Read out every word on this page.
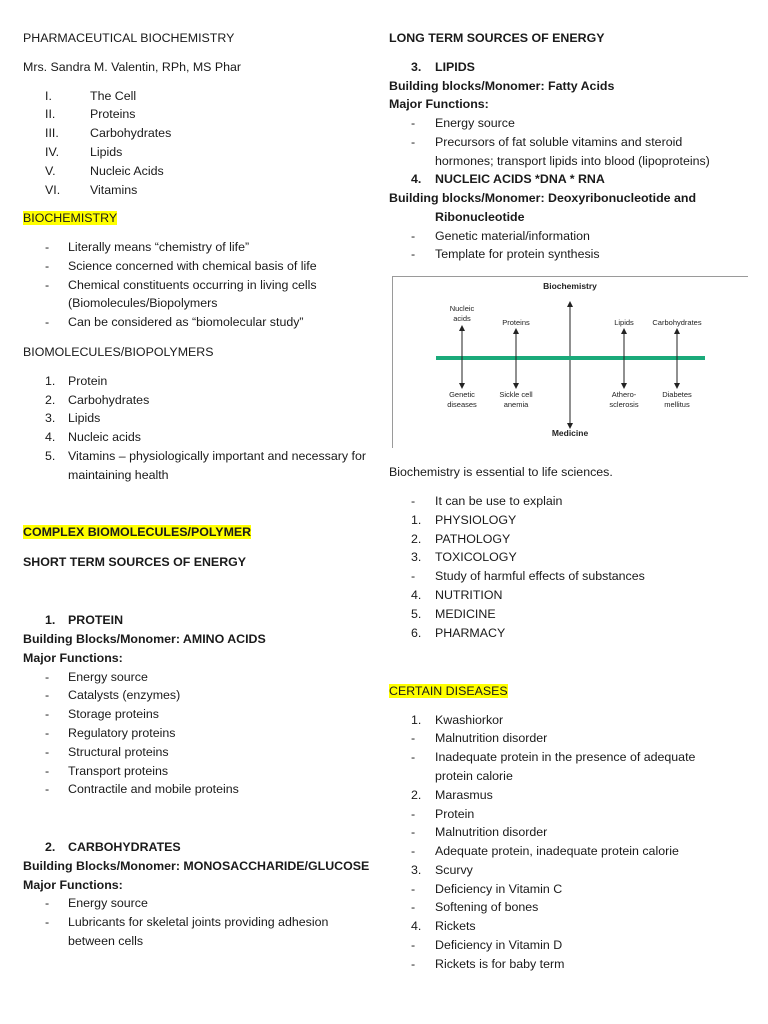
PHARMACEUTICAL BIOCHEMISTRY
Mrs. Sandra M. Valentin, RPh, MS Phar
I.	The Cell
II.	Proteins
III.	Carbohydrates
IV. Lipids
V.	Nucleic Acids
VI. Vitamins
BIOCHEMISTRY
- Literally means “chemistry of life”
- Science concerned with chemical basis of life
- Chemical constituents occurring in living cells
(Biomolecules/Biopolymers
- Can be considered as “biomolecular study”
BIOMOLECULES/BIOPOLYMERS
1. Protein
2. Carbohydrates
3. Lipids
4. Nucleic acids
5. Vitamins – physiologically important and necessary for
maintaining health
COMPLEX BIOMOLECULES/POLYMER
SHORT TERM SOURCES OF ENERGY
1. PROTEIN
Building Blocks/Monomer: AMINO ACIDS
Major Functions:
- Energy source
- Catalysts (enzymes)
- Storage proteins
- Regulatory proteins
- Structural proteins
- Transport proteins
- Contractile and mobile proteins
2. CARBOHYDRATES
Building Blocks/Monomer: MONOSACCHARIDE/GLUCOSE
Major Functions:
- Energy source
- Lubricants for skeletal joints providing adhesion
between cells
LONG TERM SOURCES OF ENERGY
3. LIPIDS
Building blocks/Monomer: Fatty Acids
Major Functions:
- Energy source
- Precursors of fat soluble vitamins and steroid
hormones; transport lipids into blood (lipoproteins)
4. NUCLEIC ACIDS *DNA * RNA
Building blocks/Monomer: Deoxyribonucleotide and
Ribonucleotide
- Genetic material/information
- Template for protein synthesis
Biochemistry is essential to life sciences.
- It can be use to explain
1. PHYSIOLOGY
2. PATHOLOGY
3. TOXICOLOGY
- Study of harmful effects of substances
4. NUTRITION
5. MEDICINE
6. PHARMACY
CERTAIN DISEASES
1. Kwashiorkor
- Malnutrition disorder
- Inadequate protein in the presence of adequate
protein calorie
2. Marasmus
- Protein
- Malnutrition disorder
- Adequate protein, inadequate protein calorie
3. Scurvy
- Deficiency in Vitamin C
- Softening of bones
4. Rickets
- Deficiency in Vitamin D
- Rickets is for baby term
Biochemistry
Medicine
Nucleic
acids
Genetic
diseases
Proteins
Sickle cell
anemia
Lipids
Athero-
sclerosis
Carbohydrates
Diabetes
mellitus
